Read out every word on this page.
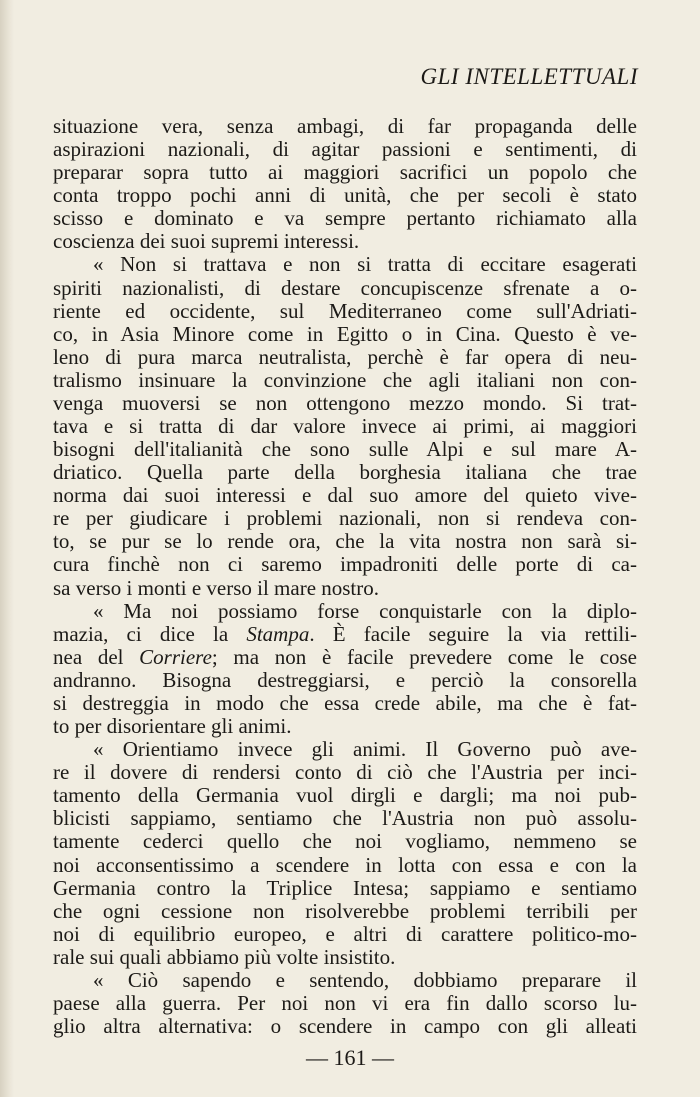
GLI INTELLETTUALI
situazione vera, senza ambagi, di far propaganda delle
aspirazioni nazionali, di agitar passioni e sentimenti, di
preparar sopra tutto ai maggiori sacrifici un popolo che
conta troppo pochi anni di unità, che per secoli è stato
scisso e dominato e va sempre pertanto richiamato alla
coscienza dei suoi supremi interessi.
« Non si trattava e non si tratta di eccitare esagerati
spiriti nazionalisti, di destare concupiscenze sfrenate a o-
riente ed occidente, sul Mediterraneo come sull'Adriati-
co, in Asia Minore come in Egitto o in Cina. Questo è ve-
leno di pura marca neutralista, perchè è far opera di neu-
tralismo insinuare la convinzione che agli italiani non con-
venga muoversi se non ottengono mezzo mondo. Si trat-
tava e si tratta di dar valore invece ai primi, ai maggiori
bisogni dell'italianità che sono sulle Alpi e sul mare A-
driatico. Quella parte della borghesia italiana che trae
norma dai suoi interessi e dal suo amore del quieto vive-
re per giudicare i problemi nazionali, non si rendeva con-
to, se pur se lo rende ora, che la vita nostra non sarà si-
cura finchè non ci saremo impadroniti delle porte di ca-
sa verso i monti e verso il mare nostro.
« Ma noi possiamo forse conquistarle con la diplo-
mazia, ci dice la Stampa. È facile seguire la via rettili-
nea del Corriere; ma non è facile prevedere come le cose
andranno. Bisogna destreggiarsi, e perciò la consorella
si destreggia in modo che essa crede abile, ma che è fat-
to per disorientare gli animi.
« Orientiamo invece gli animi. Il Governo può ave-
re il dovere di rendersi conto di ciò che l'Austria per inci-
tamento della Germania vuol dirgli e dargli; ma noi pub-
blicisti sappiamo, sentiamo che l'Austria non può assolu-
tamente cederci quello che noi vogliamo, nemmeno se
noi acconsentissimo a scendere in lotta con essa e con la
Germania contro la Triplice Intesa; sappiamo e sentiamo
che ogni cessione non risolverebbe problemi terribili per
noi di equilibrio europeo, e altri di carattere politico-mo-
rale sui quali abbiamo più volte insistito.
« Ciò sapendo e sentendo, dobbiamo preparare il
paese alla guerra. Per noi non vi era fin dallo scorso lu-
glio altra alternativa: o scendere in campo con gli alleati
— 161 —
